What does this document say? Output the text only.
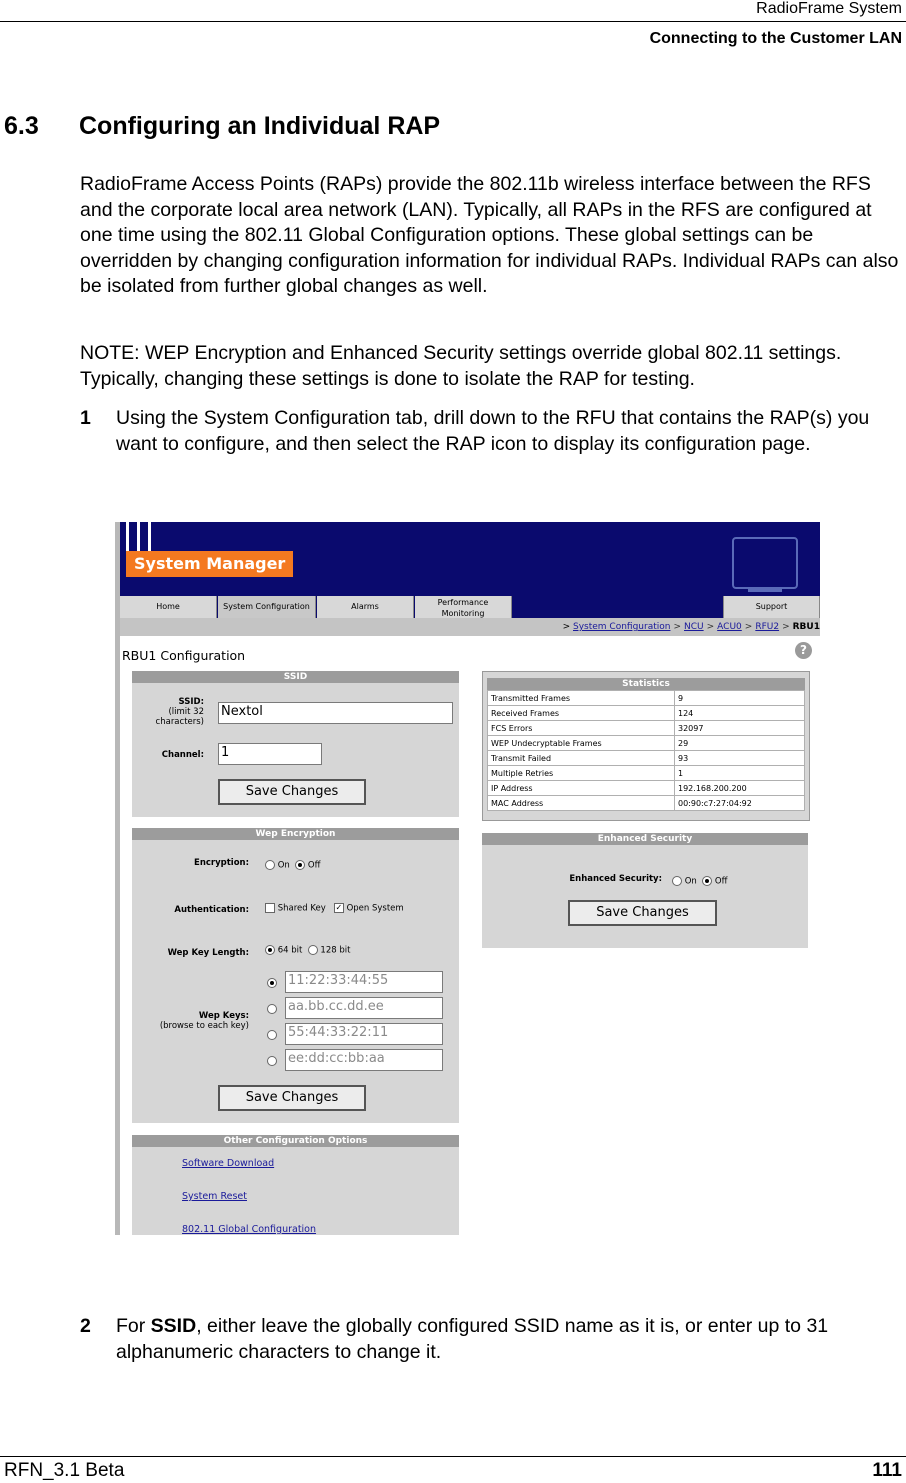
RadioFrame System
Connecting to the Customer LAN
6.3 Configuring an Individual RAP
RadioFrame Access Points (RAPs) provide the 802.11b wireless interface between the RFS and the corporate local area network (LAN). Typically, all RAPs in the RFS are configured at one time using the 802.11 Global Configuration options. These global settings can be overridden by changing configuration information for individual RAPs. Individual RAPs can also be isolated from further global changes as well.
NOTE: WEP Encryption and Enhanced Security settings override global 802.11 settings. Typically, changing these settings is done to isolate the RAP for testing.
1 Using the System Configuration tab, drill down to the RFU that contains the RAP(s) you want to configure, and then select the RAP icon to display its configuration page.
System Manager
Home	System Configuration	Alarms	Performance
Monitoring
Support
> System Configuration > NCU > ACU0 > RFU2 > RBU1
RBU1 Configuration	?
SSID
SSID:
(limit 32 characters)
Nextol
Channel: 1
Save Changes
Statistics
Transmitted Frames	9
Received Frames	124
FCS Errors	32097
WEP Undecryptable Frames	29
Transmit Failed	93
Multiple Retries	1
IP Address	192.168.200.200
MAC Address	00:90:c7:27:04:92
Wep Encryption
Encryption:	On Off
Authentication:	Shared Key ✓ Open System
Wep Key Length:	64 bit 128 bit
Wep Keys:
(browse to each key)
11:22:33:44:55
aa.bb.cc.dd.ee
55:44:33:22:11
ee:dd:cc:bb:aa
Save Changes
Enhanced Security
Enhanced Security:	On Off
Save Changes
Other Configuration Options
Software Download
System Reset
802.11 Global Configuration
2 For SSID, either leave the globally configured SSID name as it is, or enter up to 31 alphanumeric characters to change it.
RFN_3.1 Beta	111
